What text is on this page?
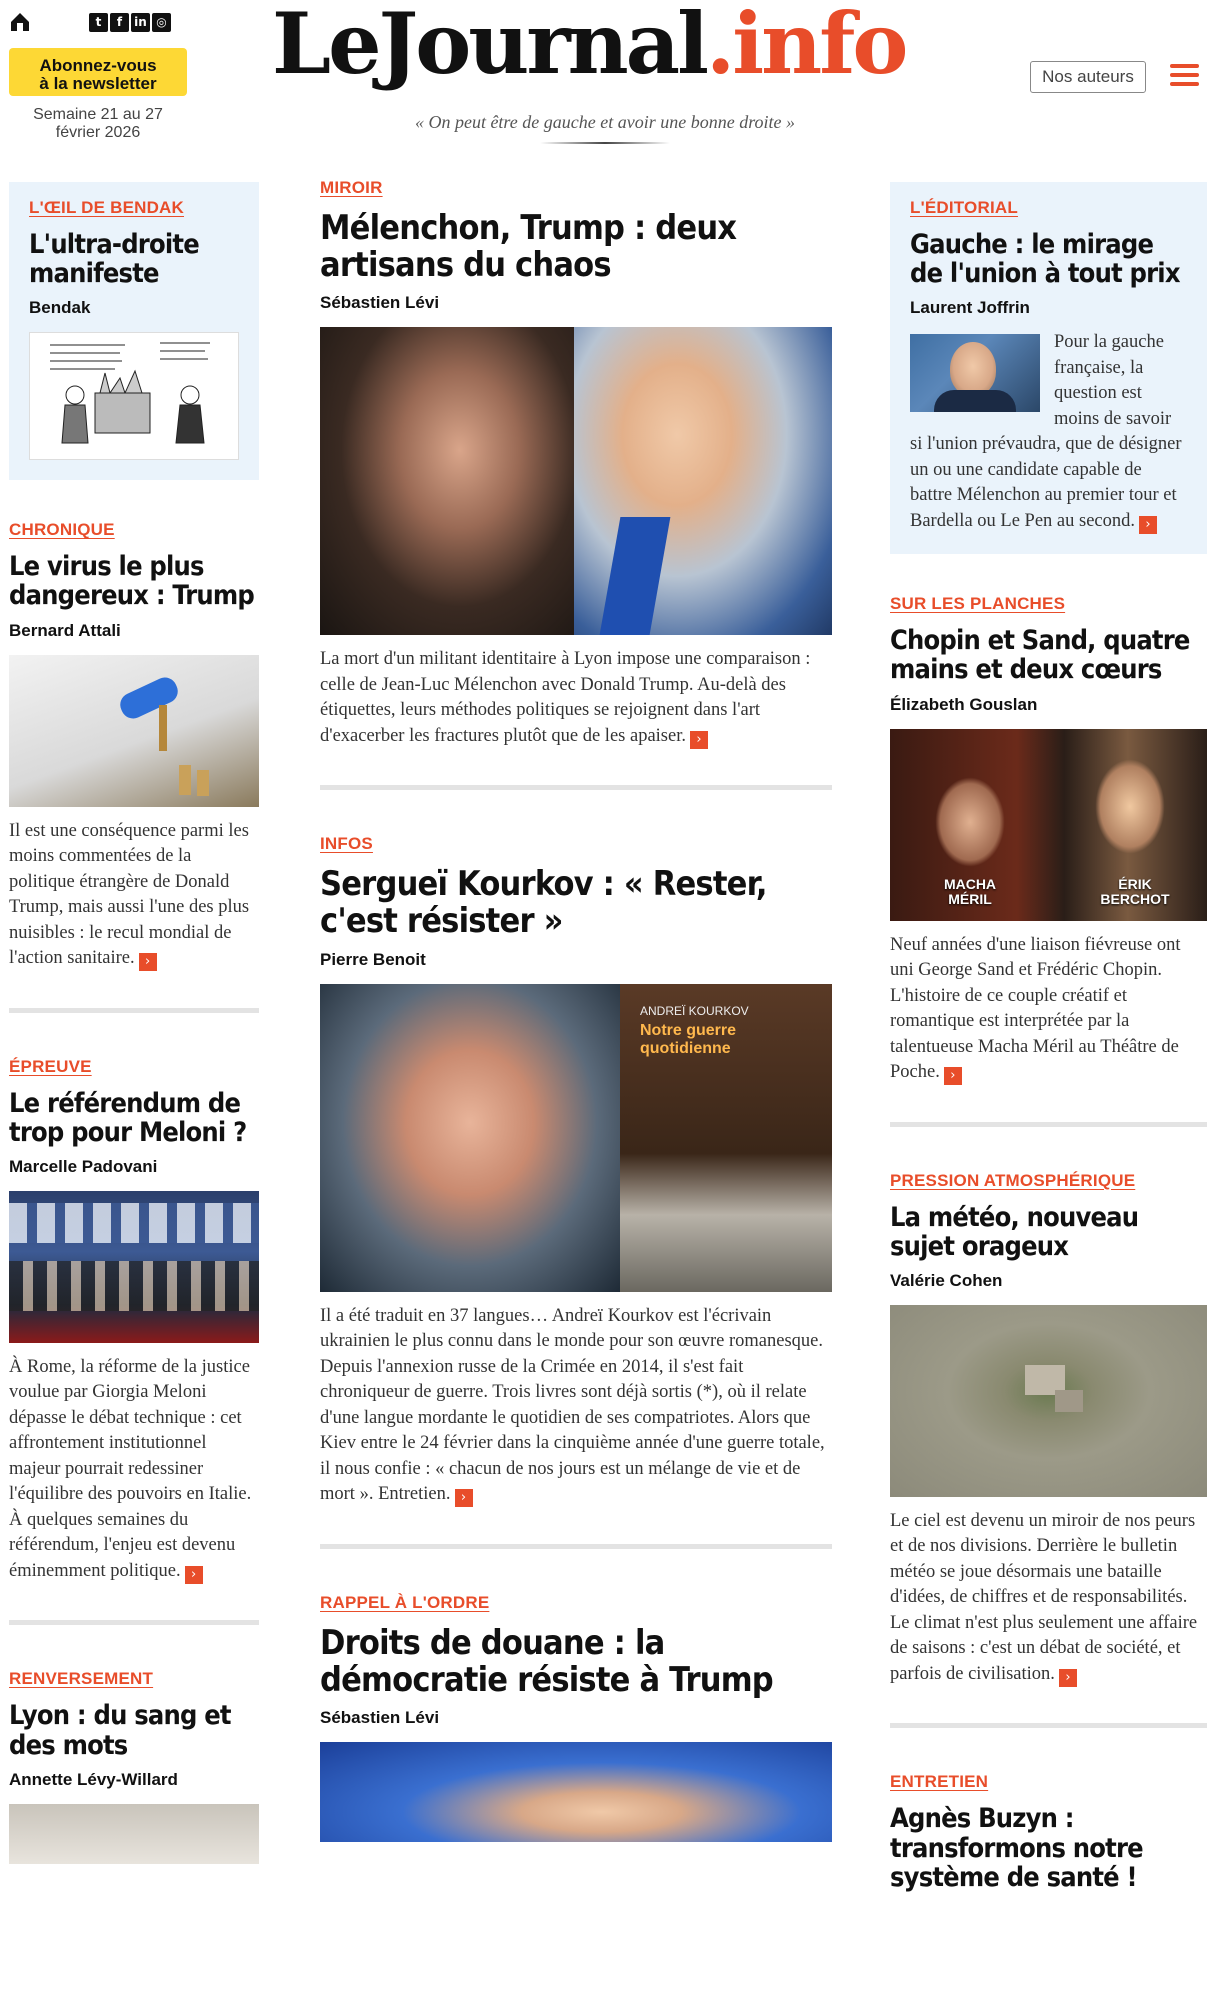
t	f	in ◎
Abonnez-vous
à la newsletter
Semaine 21 au 27
février 2026
LeJournal.info
« On peut être de gauche et avoir une bonne droite »
Nos auteurs
L'ŒIL DE BENDAK
L'ultra-droite manifeste
Bendak
CHRONIQUE
Le virus le plus dangereux : Trump
Bernard Attali
Il est une conséquence parmi les moins commentées de la politique étrangère de Donald Trump, mais aussi l'une des plus nuisibles : le recul mondial de l'action sanitaire. ›
ÉPREUVE
Le référendum de trop pour Meloni ?
Marcelle Padovani
À Rome, la réforme de la justice voulue par Giorgia Meloni dépasse le débat technique : cet affrontement institutionnel majeur pourrait redessiner l'équilibre des pouvoirs en Italie. À quelques semaines du référendum, l'enjeu est devenu éminemment politique. ›
RENVERSEMENT
Lyon : du sang et des mots
Annette Lévy-Willard
MIROIR
Mélenchon, Trump : deux artisans du chaos
Sébastien Lévi
La mort d'un militant identitaire à Lyon impose une comparaison : celle de Jean-Luc Mélenchon avec Donald Trump. Au-delà des étiquettes, leurs méthodes politiques se rejoignent dans l'art d'exacerber les fractures plutôt que de les apaiser. ›
INFOS
Sergueï Kourkov : « Rester, c'est résister »
Pierre Benoit
ANDREÏ KOURKOV
Notre guerre
quotidienne
Il a été traduit en 37 langues… Andreï Kourkov est l'écrivain ukrainien le plus connu dans le monde pour son œuvre romanesque. Depuis l'annexion russe de la Crimée en 2014, il s'est fait chroniqueur de guerre. Trois livres sont déjà sortis (*), où il relate d'une langue mordante le quotidien de ses compatriotes. Alors que Kiev entre le 24 février dans la cinquième année d'une guerre totale, il nous confie : « chacun de nos jours est un mélange de vie et de mort ». Entretien. ›
RAPPEL À L'ORDRE
Droits de douane : la démocratie résiste à Trump
Sébastien Lévi
L'ÉDITORIAL
Gauche : le mirage de l'union à tout prix
Laurent Joffrin
Pour la gauche française, la question est moins de savoir si l'union prévaudra, que de désigner un ou une candidate capable de battre Mélenchon au premier tour et Bardella ou Le Pen au second. ›
SUR LES PLANCHES
Chopin et Sand, quatre mains et deux cœurs
Élizabeth Gouslan
MACHA
MÉRIL
ÉRIK
BERCHOT
Neuf années d'une liaison fiévreuse ont uni George Sand et Frédéric Chopin. L'histoire de ce couple créatif et romantique est interprétée par la talentueuse Macha Méril au Théâtre de Poche. ›
PRESSION ATMOSPHÉRIQUE
La météo, nouveau sujet orageux
Valérie Cohen
Le ciel est devenu un miroir de nos peurs et de nos divisions. Derrière le bulletin météo se joue désormais une bataille d'idées, de chiffres et de responsabilités. Le climat n'est plus seulement une affaire de saisons : c'est un débat de société, et parfois de civilisation. ›
ENTRETIEN
Agnès Buzyn : transformons notre système de santé !
